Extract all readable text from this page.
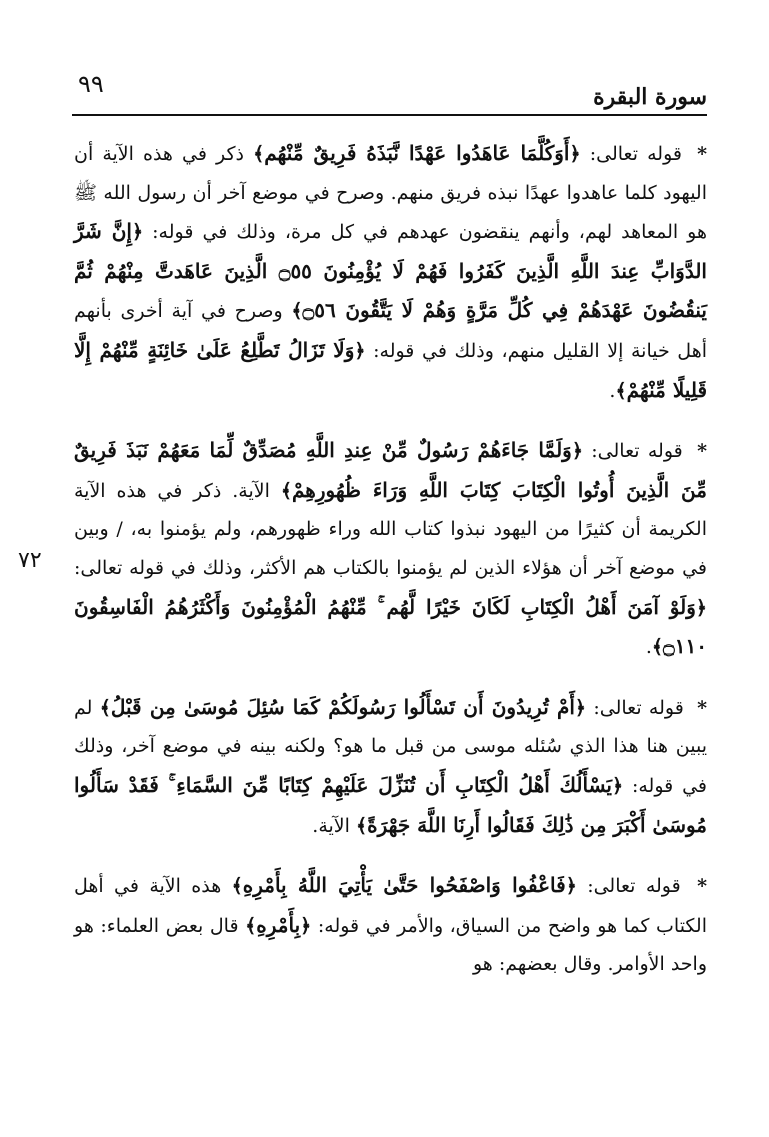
٩٩	سورة البقرة
٧٢

* قوله تعالى: ﴿أَوَكُلَّمَا عَاهَدُوا عَهْدًا نَّبَذَهُ فَرِيقٌ مِّنْهُم﴾ ذكر في هذه الآية أن اليهود كلما عاهدوا عهدًا نبذه فريق منهم. وصرح في موضع آخر أن رسول الله ﷺ هو المعاهد لهم، وأنهم ينقضون عهدهم في كل مرة، وذلك في قوله: ﴿إِنَّ شَرَّ الدَّوَابِّ عِندَ اللَّهِ الَّذِينَ كَفَرُوا فَهُمْ لَا يُؤْمِنُونَ ۝٥٥ الَّذِينَ عَاهَدتَّ مِنْهُمْ ثُمَّ يَنقُضُونَ عَهْدَهُمْ فِي كُلِّ مَرَّةٍ وَهُمْ لَا يَتَّقُونَ ۝٥٦﴾ وصرح في آية أخرى بأنهم أهل خيانة إلا القليل منهم، وذلك في قوله: ﴿وَلَا تَزَالُ تَطَّلِعُ عَلَىٰ خَائِنَةٍ مِّنْهُمْ إِلَّا قَلِيلًا مِّنْهُمْ﴾.

* قوله تعالى: ﴿وَلَمَّا جَاءَهُمْ رَسُولٌ مِّنْ عِندِ اللَّهِ مُصَدِّقٌ لِّمَا مَعَهُمْ نَبَذَ فَرِيقٌ مِّنَ الَّذِينَ أُوتُوا الْكِتَابَ كِتَابَ اللَّهِ وَرَاءَ ظُهُورِهِمْ﴾ الآية. ذكر في هذه الآية الكريمة أن كثيرًا من اليهود نبذوا كتاب الله وراء ظهورهم، ولم يؤمنوا به، / وبين في موضع آخر أن هؤلاء الذين لم يؤمنوا بالكتاب هم الأكثر، وذلك في قوله تعالى: ﴿وَلَوْ آمَنَ أَهْلُ الْكِتَابِ لَكَانَ خَيْرًا لَّهُم ۚ مِّنْهُمُ الْمُؤْمِنُونَ وَأَكْثَرُهُمُ الْفَاسِقُونَ ۝١١٠﴾.

* قوله تعالى: ﴿أَمْ تُرِيدُونَ أَن تَسْأَلُوا رَسُولَكُمْ كَمَا سُئِلَ مُوسَىٰ مِن قَبْلُ﴾ لم يبين هنا هذا الذي سُئله موسى من قبل ما هو؟ ولكنه بينه في موضع آخر، وذلك في قوله: ﴿يَسْأَلُكَ أَهْلُ الْكِتَابِ أَن تُنَزِّلَ عَلَيْهِمْ كِتَابًا مِّنَ السَّمَاءِ ۚ فَقَدْ سَأَلُوا مُوسَىٰ أَكْبَرَ مِن ذَٰلِكَ فَقَالُوا أَرِنَا اللَّهَ جَهْرَةً﴾ الآية.

* قوله تعالى: ﴿فَاعْفُوا وَاصْفَحُوا حَتَّىٰ يَأْتِيَ اللَّهُ بِأَمْرِهِ﴾ هذه الآية في أهل الكتاب كما هو واضح من السياق، والأمر في قوله: ﴿بِأَمْرِهِ﴾ قال بعض العلماء: هو واحد الأوامر. وقال بعضهم: هو
